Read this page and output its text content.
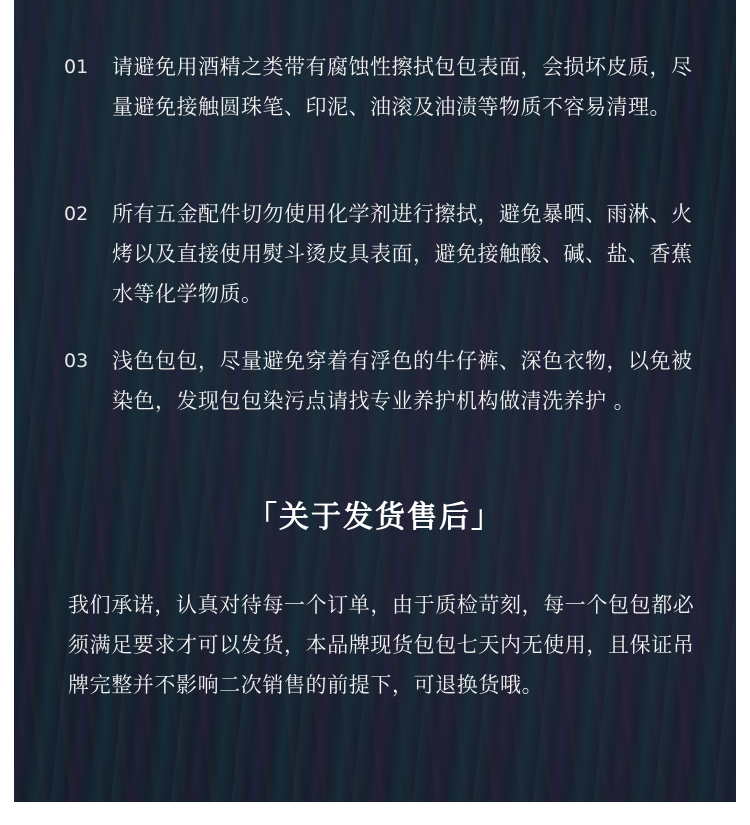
01 请避免用酒精之类带有腐蚀性擦拭包包表面，会损坏皮质，尽量避免接触圆珠笔、印泥、油滚及油渍等物质不容易清理。

02 所有五金配件切勿使用化学剂进行擦拭，避免暴晒、雨淋、火烤以及直接使用熨斗烫皮具表面，避免接触酸、碱、盐、香蕉水等化学物质。

03 浅色包包，尽量避免穿着有浮色的牛仔裤、深色衣物，以免被染色，发现包包染污点请找专业养护机构做清洗养护 。

「关于发货售后」

我们承诺，认真对待每一个订单，由于质检苛刻，每一个包包都必须满足要求才可以发货，本品牌现货包包七天内无使用，且保证吊牌完整并不影响二次销售的前提下，可退换货哦。
